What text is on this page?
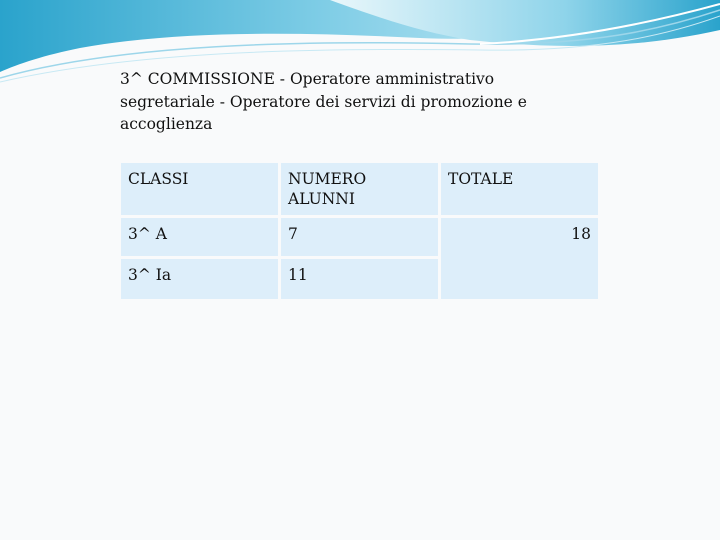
3^ COMMISSIONE - Operatore amministrativo segretariale - Operatore dei servizi di promozione e accoglienza

CLASSI	NUMERO ALUNNI	TOTALE
3^ A	7	18
3^ Ia	11	
